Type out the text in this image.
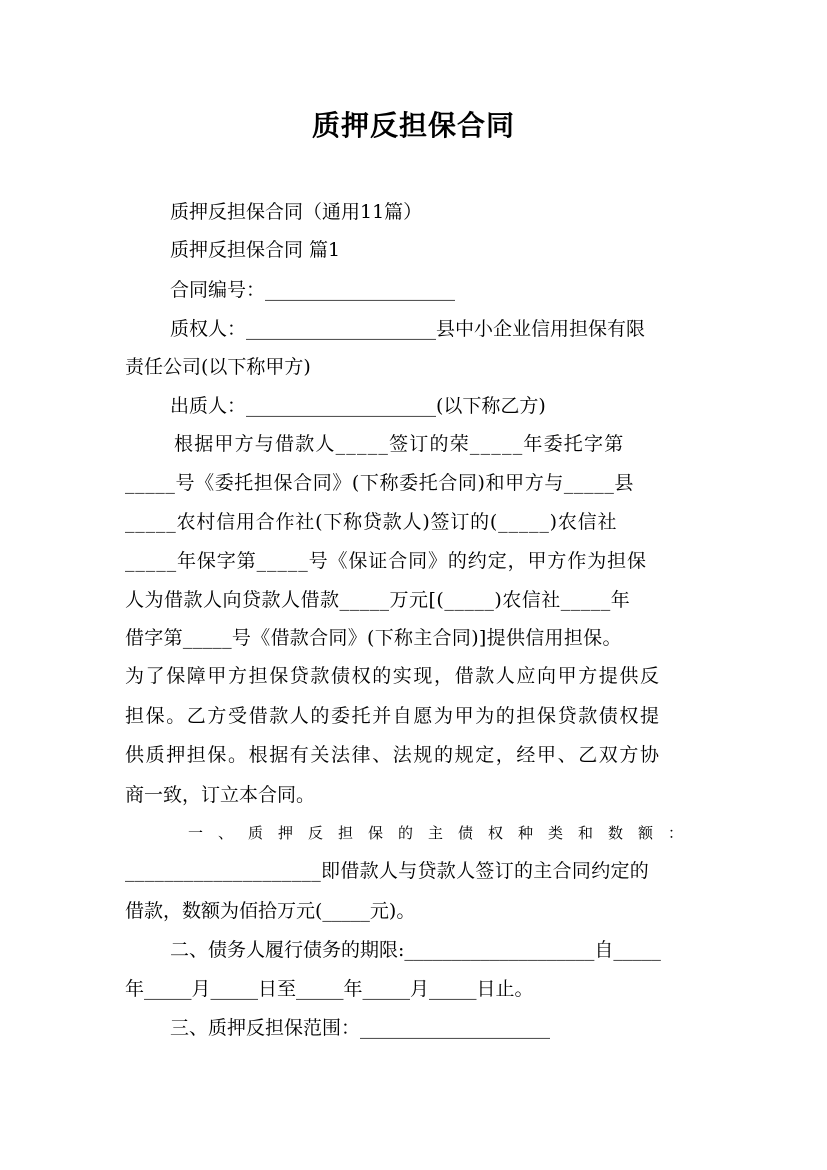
质押反担保合同
质押反担保合同（通用11篇）
质押反担保合同 篇1
合同编号：____________________
质权人：____________________县中小企业信用担保有限
责任公司(以下称甲方)
出质人：____________________(以下称乙方)
根据甲方与借款人_____签订的荣_____年委托字第
_____号《委托担保合同》(下称委托合同)和甲方与_____县
_____农村信用合作社(下称贷款人)签订的(_____)农信社
_____年保字第_____号《保证合同》的约定，甲方作为担保
人为借款人向贷款人借款_____万元[(_____)农信社_____年
借字第_____号《借款合同》(下称主合同)]提供信用担保。
为了保障甲方担保贷款债权的实现，借款人应向甲方提供反
担保。乙方受借款人的委托并自愿为甲为的担保贷款债权提
供质押担保。根据有关法律、法规的规定，经甲、乙双方协
商一致，订立本合同。
一、质押反担保的主债权种类和数额：
____________________即借款人与贷款人签订的主合同约定的
借款，数额为佰拾万元(_____元)。
二、债务人履行债务的期限:____________________自_____
年_____月_____日至_____年_____月_____日止。
三、质押反担保范围：____________________
